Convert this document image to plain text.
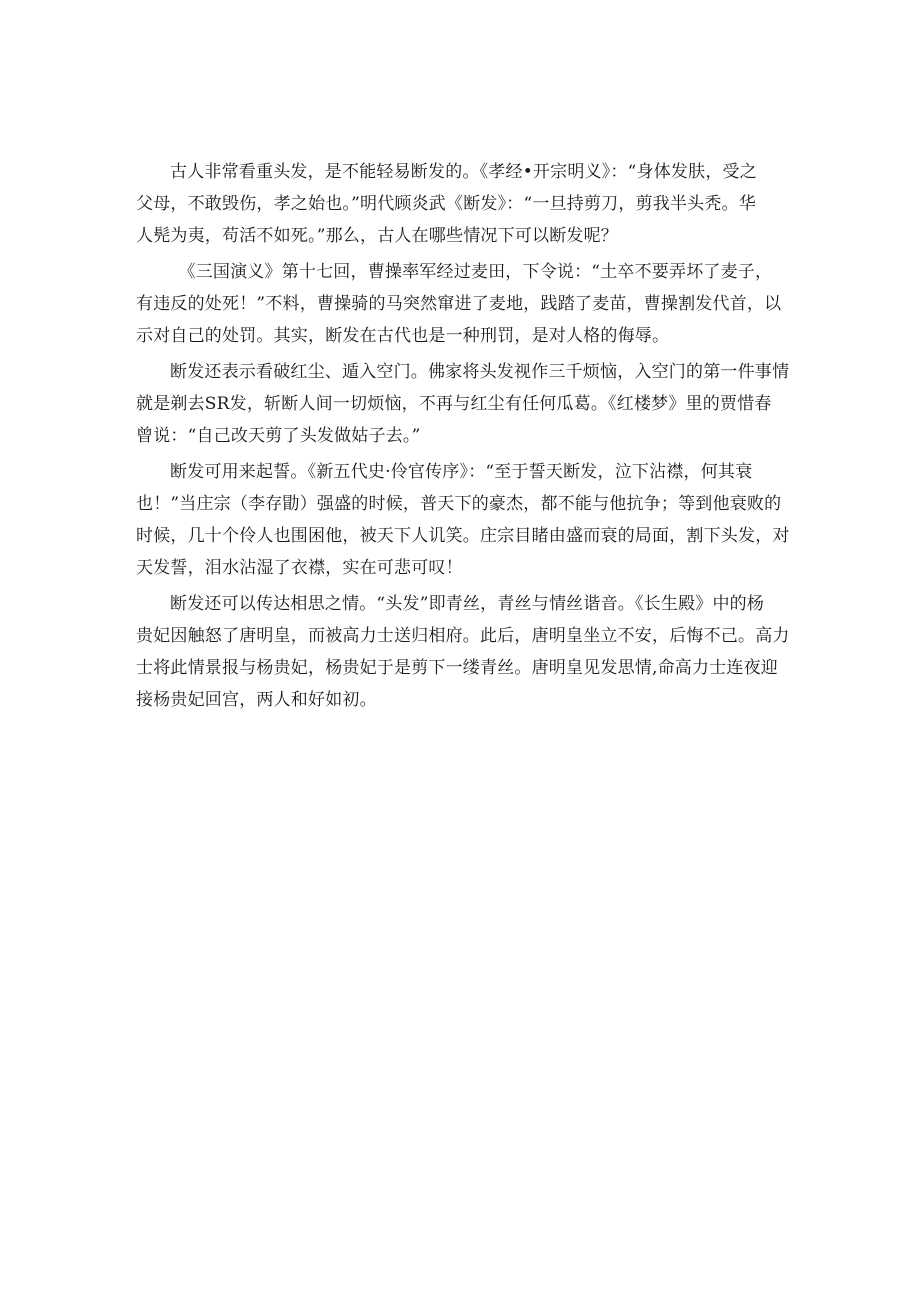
古人非常看重头发，是不能轻易断发的。《孝经•开宗明义》：“身体发肤，受之
父母，不敢毁伤，孝之始也。”明代顾炎武《断发》：“一旦持剪刀，剪我半头秃。华
人髡为夷，苟活不如死。”那么，古人在哪些情况下可以断发呢？

《三国演义》第十七回，曹操率军经过麦田，下令说：“土卒不要弄坏了麦子，
有违反的处死！”不料，曹操骑的马突然窜进了麦地，践踏了麦苗，曹操割发代首，以
示对自己的处罚。其实，断发在古代也是一种刑罚，是对人格的侮辱。

断发还表示看破红尘、遁入空门。佛家将头发视作三千烦恼，入空门的第一件事情
就是剃去SR发，斩断人间一切烦恼，不再与红尘有任何瓜葛。《红楼梦》里的贾惜春
曾说：“自己改天剪了头发做姑子去。”

断发可用来起誓。《新五代史·伶官传序》：“至于誓天断发，泣下沾襟，何其衰
也！”当庄宗（李存勖）强盛的时候，普天下的豪杰，都不能与他抗争；等到他衰败的
时候，几十个伶人也围困他，被天下人讥笑。庄宗目睹由盛而衰的局面，割下头发，对
天发誓，泪水沾湿了衣襟，实在可悲可叹！

断发还可以传达相思之情。“头发”即青丝，青丝与情丝谐音。《长生殿》中的杨
贵妃因触怒了唐明皇，而被高力士送归相府。此后，唐明皇坐立不安，后悔不己。高力
士将此情景报与杨贵妃，杨贵妃于是剪下一缕青丝。唐明皇见发思情,命高力士连夜迎
接杨贵妃回宫，两人和好如初。
